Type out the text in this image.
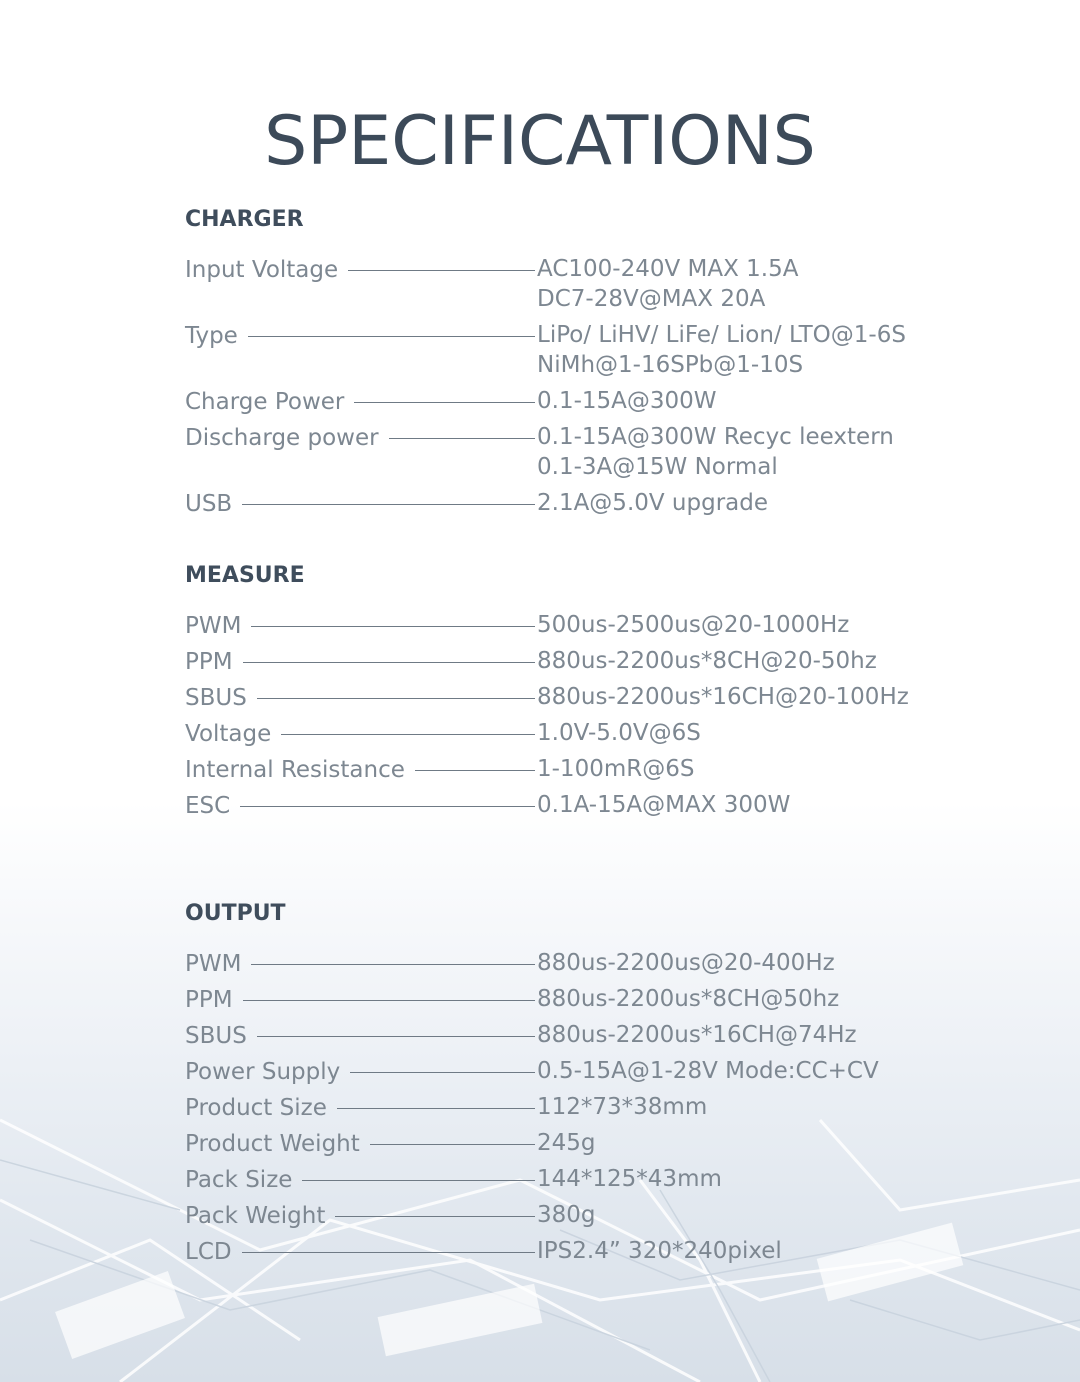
SPECIFICATIONS
CHARGER
Input Voltage	AC100-240V MAX 1.5A
DC7-28V@MAX 20A
Type	LiPo/ LiHV/ LiFe/ Lion/ LTO@1-6S
NiMh@1-16SPb@1-10S
Charge Power	0.1-15A@300W
Discharge power	0.1-15A@300W Recyc leextern
0.1-3A@15W Normal
USB	2.1A@5.0V upgrade
MEASURE
PWM	500us-2500us@20-1000Hz
PPM	880us-2200us*8CH@20-50hz
SBUS	880us-2200us*16CH@20-100Hz
Voltage	1.0V-5.0V@6S
Internal Resistance	1-100mR@6S
ESC	0.1A-15A@MAX 300W
OUTPUT
PWM	880us-2200us@20-400Hz
PPM	880us-2200us*8CH@50hz
SBUS	880us-2200us*16CH@74Hz
Power Supply	0.5-15A@1-28V Mode:CC+CV
Product Size	112*73*38mm
Product Weight	245g
Pack Size	144*125*43mm
Pack Weight	380g
LCD	IPS2.4” 320*240pixel
